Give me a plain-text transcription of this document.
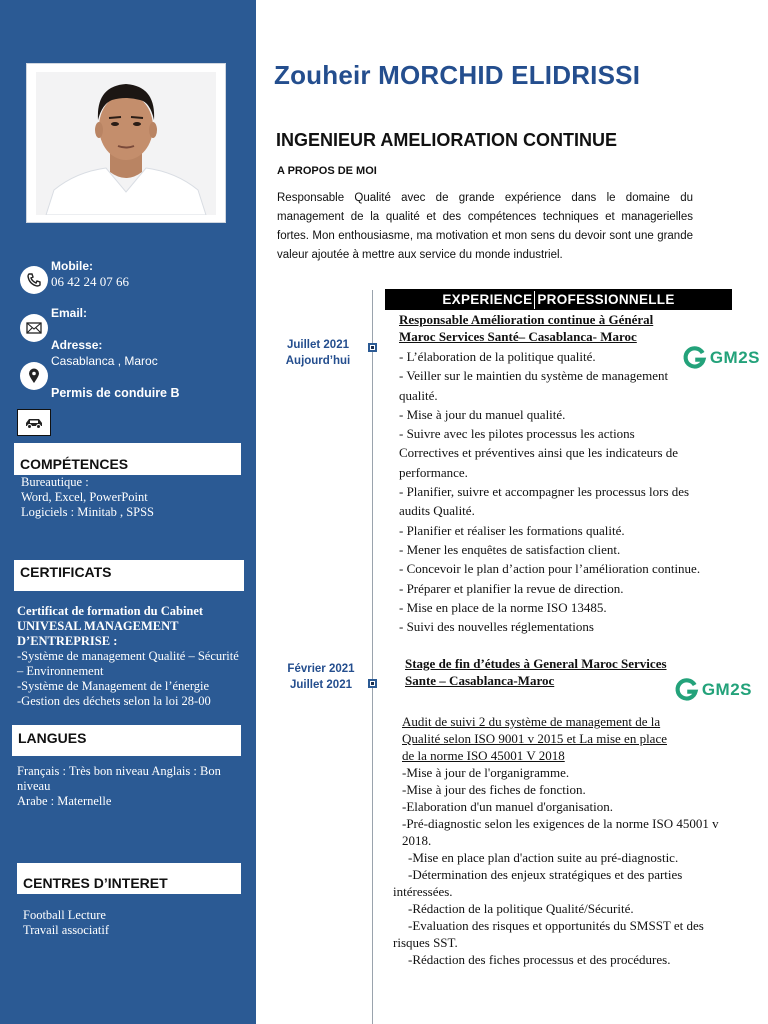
Mobile:
06 42 24 07 66
Email:
Adresse:
Casablanca , Maroc
Permis de conduire B
COMPÉTENCES
Bureautique :
Word, Excel, PowerPoint
Logiciels : Minitab , SPSS
CERTIFICATS
Certificat de formation du Cabinet UNIVESAL MANAGEMENT D’ENTREPRISE :
-Système de management Qualité – Sécurité – Environnement
-Système de Management de l’énergie
-Gestion des déchets selon la loi 28-00
LANGUES
Français : Très bon niveau Anglais : Bon niveau
Arabe : Maternelle
CENTRES D’INTERET
Football Lecture
Travail associatif
Zouheir MORCHID ELIDRISSI
INGENIEUR AMELIORATION CONTINUE
A PROPOS DE MOI
Responsable Qualité avec de grande expérience dans le domaine du management de la qualité et des compétences techniques et managerielles fortes. Mon enthousiasme, ma motivation et mon sens du devoir sont une grande valeur ajoutée à mettre aux service du monde industriel.
EXPERIENCE PROFESSIONNELLE
Juillet 2021
Aujourd’hui
Responsable Amélioration continue à Général
Maroc Services Santé– Casablanca- Maroc
GM2S
- L’élaboration de la politique qualité.
- Veiller sur le maintien du système de management
qualité.
- Mise à jour du manuel qualité.
- Suivre avec les pilotes processus les actions
Correctives et préventives ainsi que les indicateurs de
performance.
- Planifier, suivre et accompagner les processus lors des
audits Qualité.
- Planifier et réaliser les formations qualité.
- Mener les enquêtes de satisfaction client.
- Concevoir le plan d’action pour l’amélioration continue.
- Préparer et planifier la revue de direction.
- Mise en place de la norme ISO 13485.
- Suivi des nouvelles réglementations
Février 2021
Juillet 2021
Stage de fin d’études à General Maroc Services
Sante – Casablanca-Maroc	GM2S
Audit de suivi 2 du système de management de la
Qualité selon ISO 9001 v 2015 et La mise en place
de la norme ISO 45001 V 2018
-Mise à jour de l'organigramme.
-Mise à jour des fiches de fonction.
-Elaboration d'un manuel d'organisation.
-Pré-diagnostic selon les exigences de la norme ISO 45001 v 2018.
-Mise en place plan d'action suite au pré-diagnostic.
-Détermination des enjeux stratégiques et des parties intéressées.
-Rédaction de la politique Qualité/Sécurité.
-Evaluation des risques et opportunités du SMSST et des risques SST.
-Rédaction des fiches processus et des procédures.
